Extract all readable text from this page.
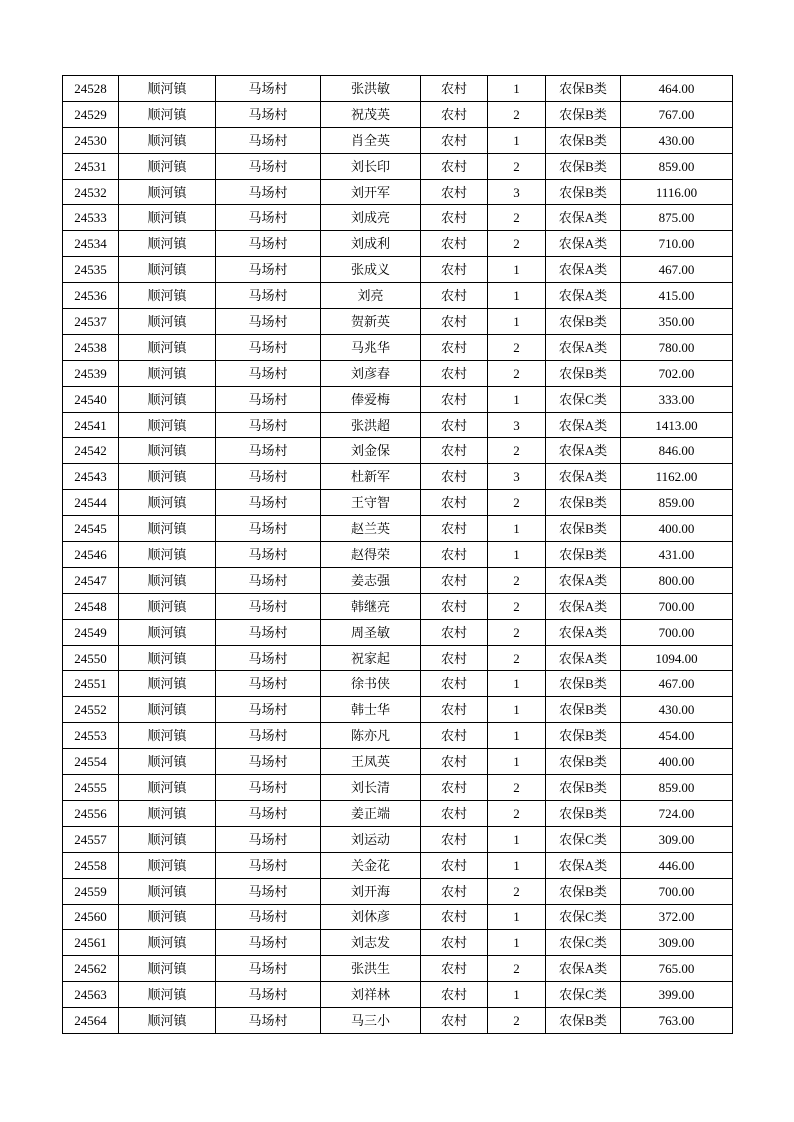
24528	顺河镇	马场村	张洪敏	农村	1	农保B类	464.00
24529	顺河镇	马场村	祝茂英	农村	2	农保B类	767.00
24530	顺河镇	马场村	肖全英	农村	1	农保B类	430.00
24531	顺河镇	马场村	刘长印	农村	2	农保B类	859.00
24532	顺河镇	马场村	刘开军	农村	3	农保B类	1116.00
24533	顺河镇	马场村	刘成亮	农村	2	农保A类	875.00
24534	顺河镇	马场村	刘成利	农村	2	农保A类	710.00
24535	顺河镇	马场村	张成义	农村	1	农保A类	467.00
24536	顺河镇	马场村	刘亮	农村	1	农保A类	415.00
24537	顺河镇	马场村	贺新英	农村	1	农保B类	350.00
24538	顺河镇	马场村	马兆华	农村	2	农保A类	780.00
24539	顺河镇	马场村	刘彦春	农村	2	农保B类	702.00
24540	顺河镇	马场村	俸爱梅	农村	1	农保C类	333.00
24541	顺河镇	马场村	张洪超	农村	3	农保A类	1413.00
24542	顺河镇	马场村	刘金保	农村	2	农保A类	846.00
24543	顺河镇	马场村	杜新军	农村	3	农保A类	1162.00
24544	顺河镇	马场村	王守智	农村	2	农保B类	859.00
24545	顺河镇	马场村	赵兰英	农村	1	农保B类	400.00
24546	顺河镇	马场村	赵得荣	农村	1	农保B类	431.00
24547	顺河镇	马场村	姜志强	农村	2	农保A类	800.00
24548	顺河镇	马场村	韩继亮	农村	2	农保A类	700.00
24549	顺河镇	马场村	周圣敏	农村	2	农保A类	700.00
24550	顺河镇	马场村	祝家起	农村	2	农保A类	1094.00
24551	顺河镇	马场村	徐书侠	农村	1	农保B类	467.00
24552	顺河镇	马场村	韩士华	农村	1	农保B类	430.00
24553	顺河镇	马场村	陈亦凡	农村	1	农保B类	454.00
24554	顺河镇	马场村	王凤英	农村	1	农保B类	400.00
24555	顺河镇	马场村	刘长清	农村	2	农保B类	859.00
24556	顺河镇	马场村	姜正端	农村	2	农保B类	724.00
24557	顺河镇	马场村	刘运动	农村	1	农保C类	309.00
24558	顺河镇	马场村	关金花	农村	1	农保A类	446.00
24559	顺河镇	马场村	刘开海	农村	2	农保B类	700.00
24560	顺河镇	马场村	刘休彦	农村	1	农保C类	372.00
24561	顺河镇	马场村	刘志发	农村	1	农保C类	309.00
24562	顺河镇	马场村	张洪生	农村	2	农保A类	765.00
24563	顺河镇	马场村	刘祥林	农村	1	农保C类	399.00
24564	顺河镇	马场村	马三小	农村	2	农保B类	763.00
